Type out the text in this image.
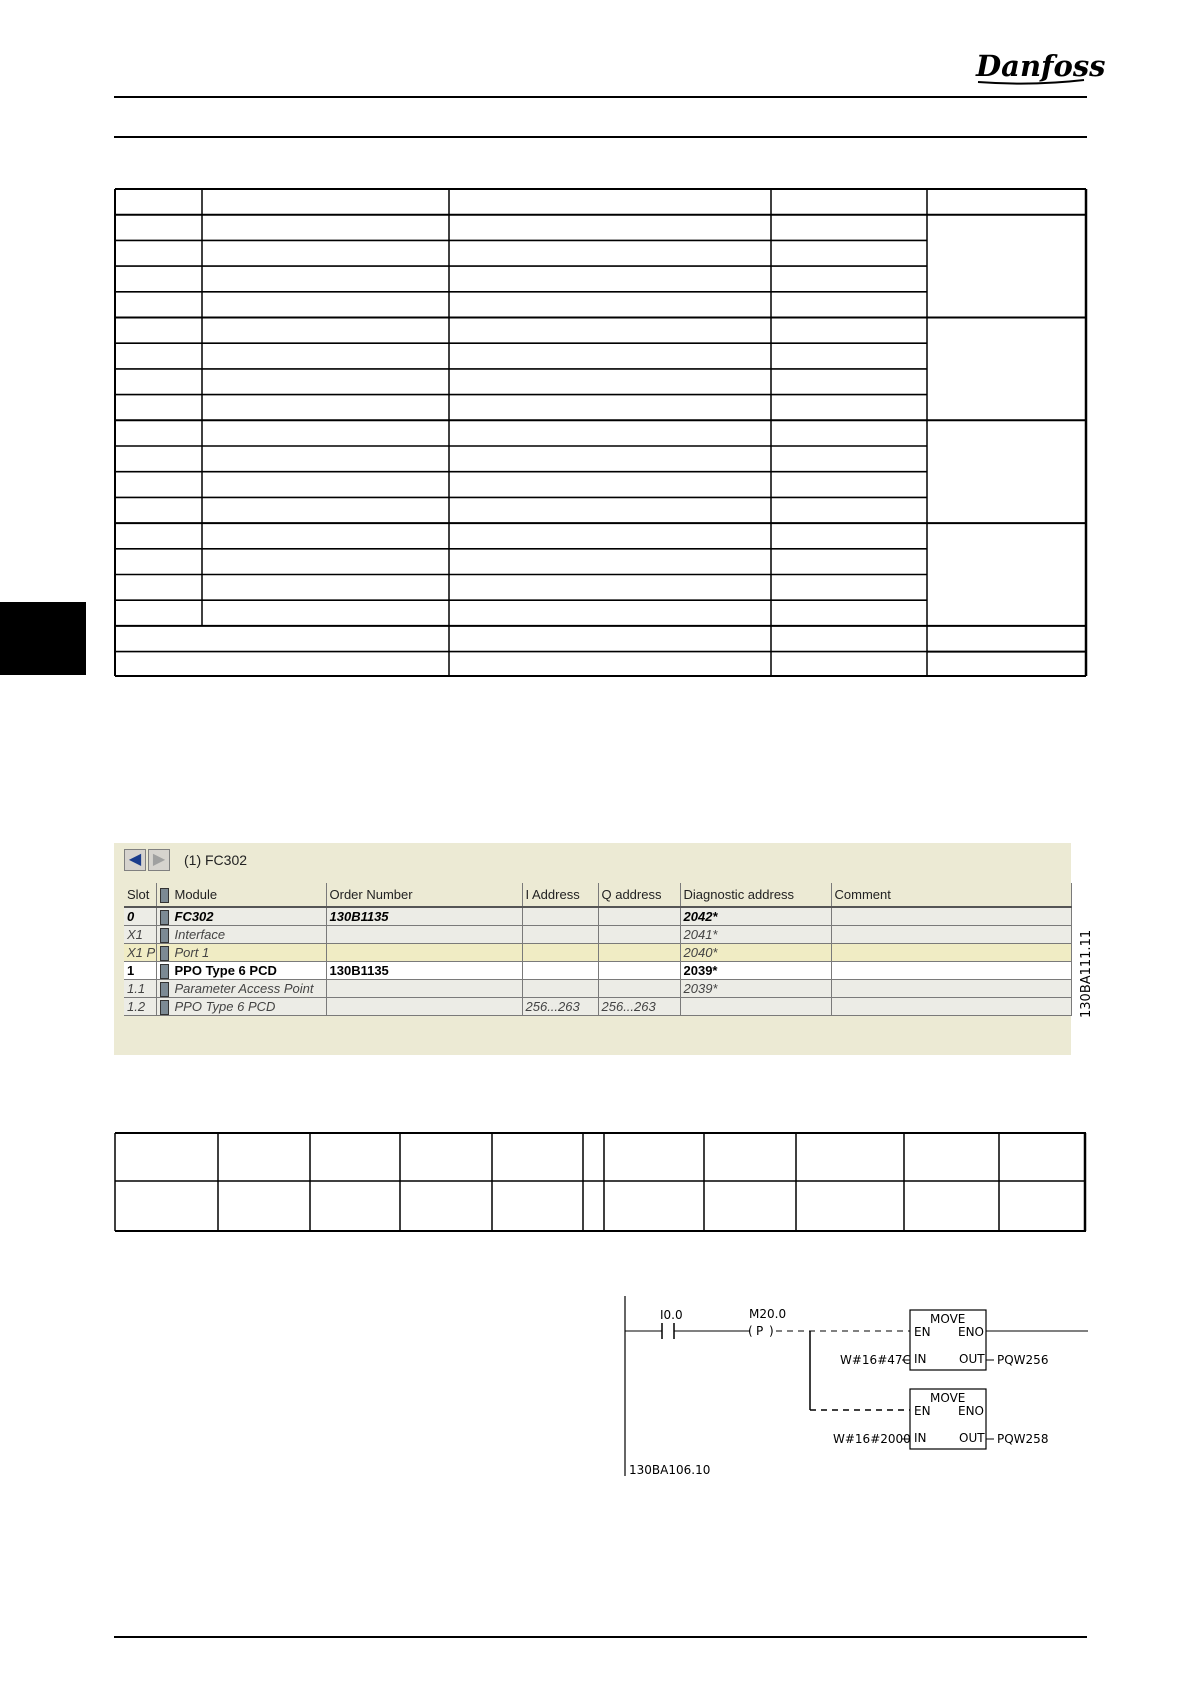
Danfoss
◀ ▶	(1) FC302
Slot	Module	Order Number	I Address	Q address	Diagnostic address	Comment
0	FC302	130B1135			2042*	
X1	Interface				2041*	
X1 P	Port 1				2040*	
1	PPO Type 6 PCD	130B1135			2039*	
1.1	Parameter Access Point				2039*	
1.2	PPO Type 6 PCD		256...263	256...263			130BA111.11
I0.0	M20.0
( P )
MOVE
EN ENO
IN	OUT
W#16#47C	PQW256
MOVE
EN ENO
IN	OUT
W#16#2000	PQW258
130BA106.10
